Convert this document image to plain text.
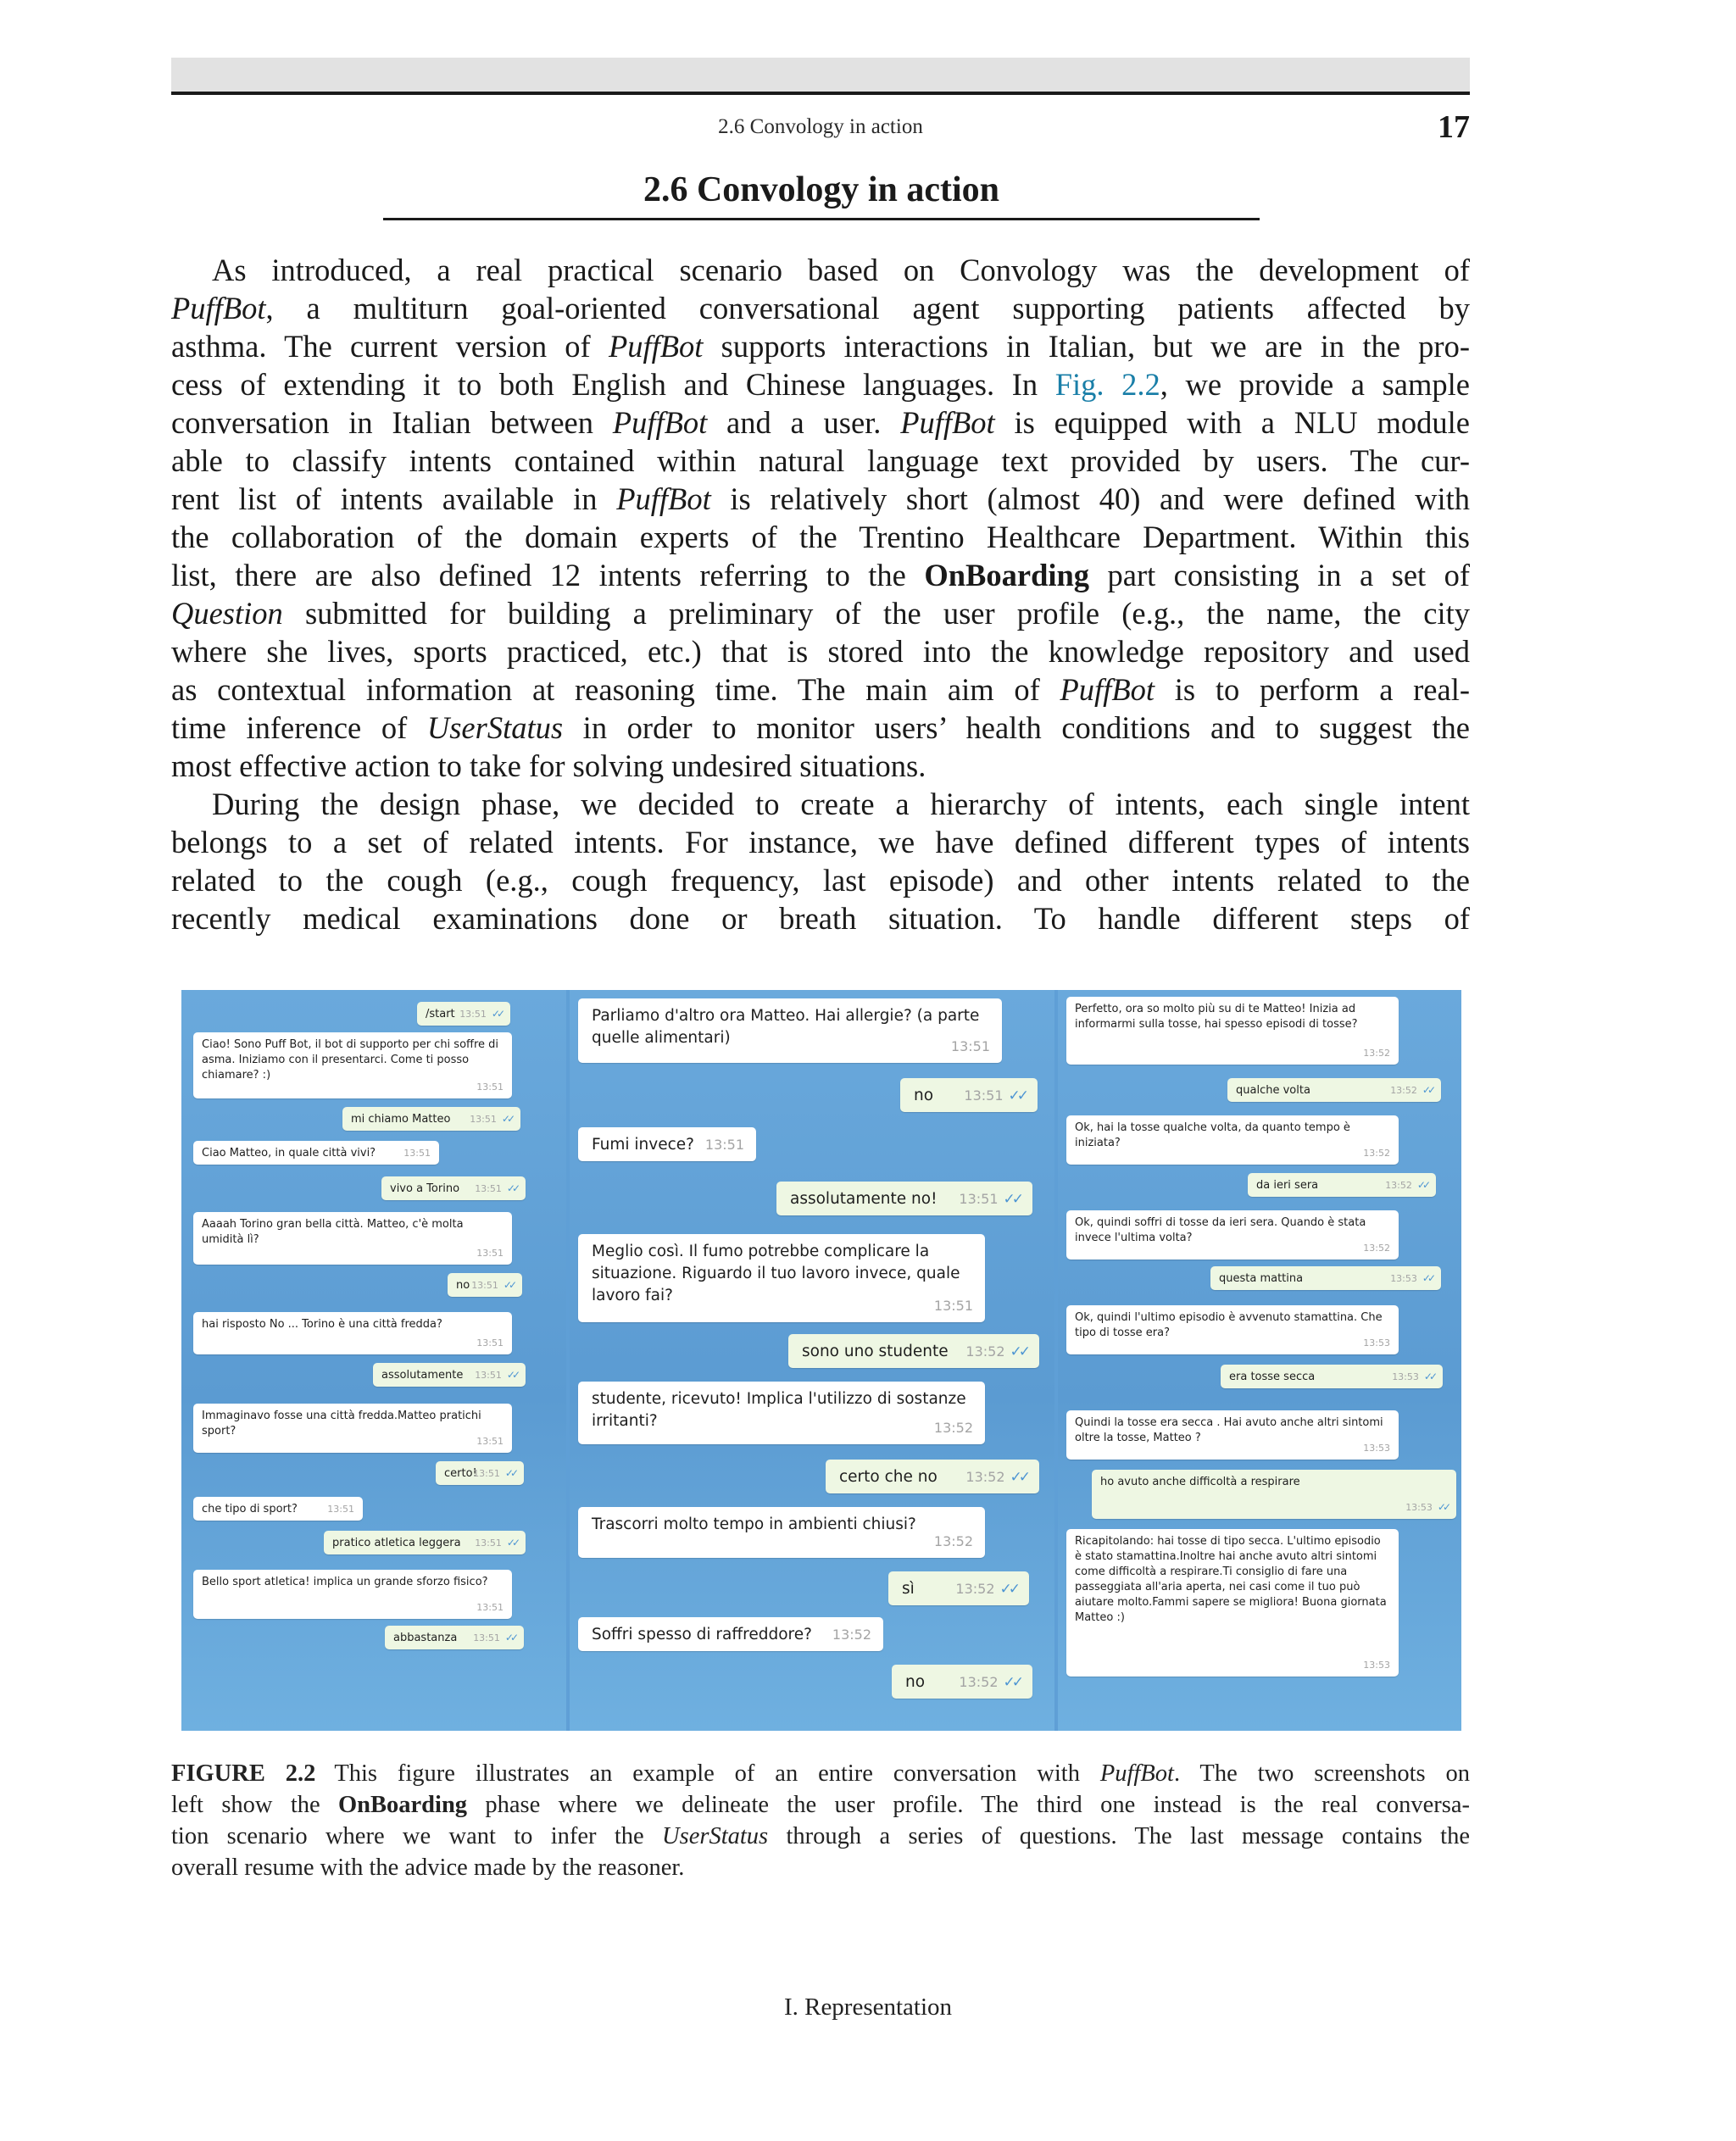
2.6 Convology in action	17
2.6 Convology in action
As introduced, a real practical scenario based on Convology was the development of
PuffBot, a multiturn goal-oriented conversational agent supporting patients affected by
asthma. The current version of PuffBot supports interactions in Italian, but we are in the pro-
cess of extending it to both English and Chinese languages. In Fig. 2.2, we provide a sample
conversation in Italian between PuffBot and a user. PuffBot is equipped with a NLU module
able to classify intents contained within natural language text provided by users. The cur-
rent list of intents available in PuffBot is relatively short (almost 40) and were defined with
the collaboration of the domain experts of the Trentino Healthcare Department. Within this
list, there are also defined 12 intents referring to the OnBoarding part consisting in a set of
Question submitted for building a preliminary of the user profile (e.g., the name, the city
where she lives, sports practiced, etc.) that is stored into the knowledge repository and used
as contextual information at reasoning time. The main aim of PuffBot is to perform a real-
time inference of UserStatus in order to monitor users’ health conditions and to suggest the
most effective action to take for solving undesired situations.
During the design phase, we decided to create a hierarchy of intents, each single intent
belongs to a set of related intents. For instance, we have defined different types of intents
related to the cough (e.g., cough frequency, last episode) and other intents related to the
recently medical examinations done or breath situation. To handle different steps of
/start 13:51 ✓✓
Ciao! Sono Puff Bot, il bot di supporto per chi soffre di asma. Iniziamo con il presentarci. Come ti posso chiamare? :)
13:51
mi chiamo Matteo 13:51 ✓✓
Ciao Matteo, in quale città vivi?	13:51
vivo a Torino 13:51 ✓✓
Aaaah Torino gran bella città. Matteo, c'è molta umidità lì?
13:51
no 13:51 ✓✓
hai risposto No ... Torino è una città fredda?
13:51
assolutamente 13:51 ✓✓
Immaginavo fosse una città fredda.Matteo pratichi sport?
13:51
certo!
13:51 ✓✓
che tipo di sport?	13:51
pratico atletica leggera 13:51 ✓✓
Bello sport atletica! implica un grande sforzo fisico?
13:51
abbastanza 13:51 ✓✓
Parliamo d'altro ora Matteo. Hai allergie? (a parte quelle alimentari)	13:51
no 13:51 ✓✓
Fumi invece? 13:51
assolutamente no! 13:51 ✓✓
Meglio così. Il fumo potrebbe complicare la situazione. Riguardo il tuo lavoro invece, quale lavoro fai?
13:51
sono uno studente 13:52 ✓✓
studente, ricevuto! Implica l'utilizzo di sostanze irritanti?	13:52
certo che no 13:52 ✓✓
Trascorri molto tempo in ambienti chiusi?
13:52
sì	13:52 ✓✓
Soffri spesso di raffreddore? 13:52
no	13:52 ✓✓
Perfetto, ora so molto più su di te Matteo! Inizia ad informarmi sulla tosse, hai spesso episodi di tosse?
13:52
qualche volta	13:52 ✓✓
Ok, hai la tosse qualche volta, da quanto tempo è iniziata?
13:52
da ieri sera	13:52 ✓✓
Ok, quindi soffri di tosse da ieri sera. Quando è stata invece l'ultima volta?
13:52
questa mattina	13:53 ✓✓
Ok, quindi l'ultimo episodio è avvenuto stamattina. Che tipo di tosse era?
13:53
era tosse secca	13:53 ✓✓
Quindi la tosse era secca . Hai avuto anche altri sintomi oltre la tosse, Matteo ?
13:53
ho avuto anche difficoltà a respirare
13:53 ✓✓
Ricapitolando: hai tosse di tipo secca. L'ultimo episodio è stato stamattina.Inoltre hai anche avuto altri sintomi come difficoltà a respirare.Ti consiglio di fare una passeggiata all'aria aperta, nei casi come il tuo può aiutare molto.Fammi sapere se migliora! Buona giornata Matteo :)
13:53
FIGURE 2.2 This figure illustrates an example of an entire conversation with PuffBot. The two screenshots on
left show the OnBoarding phase where we delineate the user profile. The third one instead is the real conversa-
tion scenario where we want to infer the UserStatus through a series of questions. The last message contains the
overall resume with the advice made by the reasoner.
I. Representation
